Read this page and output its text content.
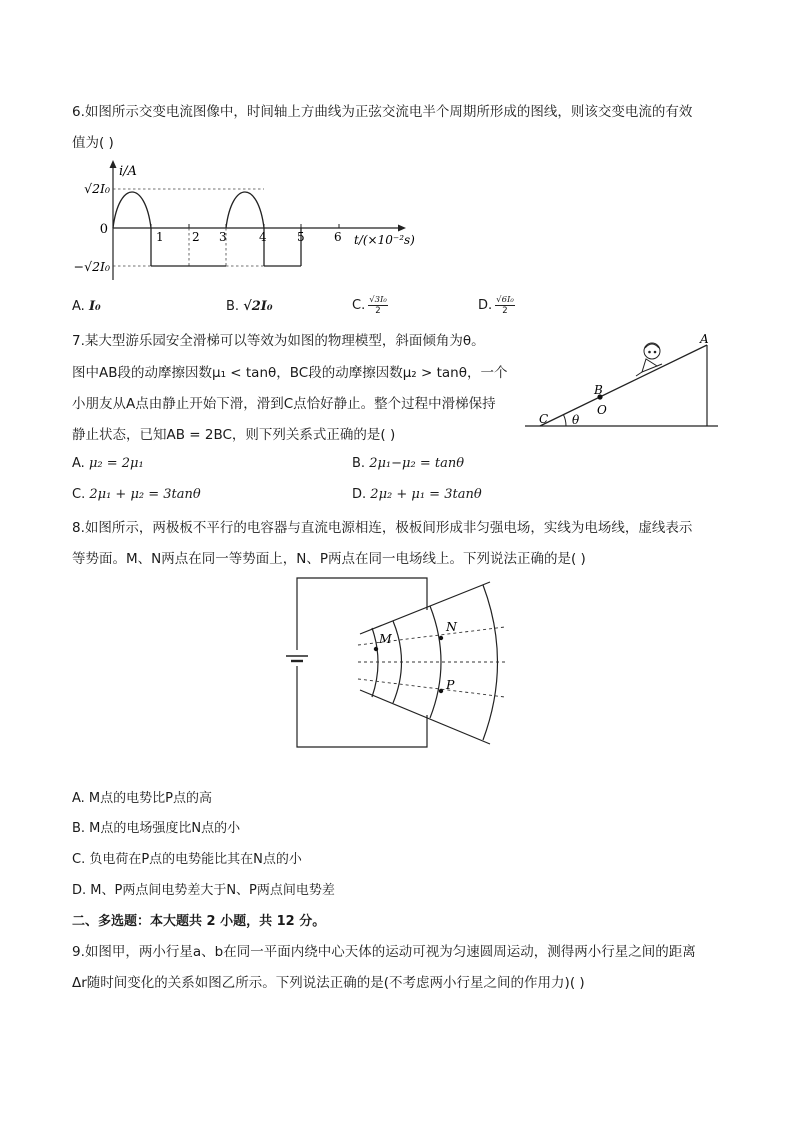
6.如图所示交变电流图像中，时间轴上方曲线为正弦交流电半个周期所形成的图线，则该交变电流的有效
值为( )
i/A
√2I₀
0
−√2I₀
1 2 3	4	5 6 t/(×10⁻²s)
A. I₀	B. √2I₀	C. √3I₀
2	D. √6I₀
2
7.某大型游乐园安全滑梯可以等效为如图的物理模型，斜面倾角为θ。
图中AB段的动摩擦因数μ₁ < tanθ，BC段的动摩擦因数μ₂ > tanθ，一个
小朋友从A点由静止开始下滑，滑到C点恰好静止。整个过程中滑梯保持
静止状态，已知AB = 2BC，则下列关系式正确的是( )
A
B
O
C θ
A. μ₂ = 2μ₁	B. 2μ₁−μ₂ = tanθ
C. 2μ₁ + μ₂ = 3tanθ	D. 2μ₂ + μ₁ = 3tanθ
8.如图所示，两极板不平行的电容器与直流电源相连，极板间形成非匀强电场，实线为电场线，虚线表示
等势面。M、N两点在同一等势面上，N、P两点在同一电场线上。下列说法正确的是( )
M
N
P
A. M点的电势比P点的高
B. M点的电场强度比N点的小
C. 负电荷在P点的电势能比其在N点的小
D. M、P两点间电势差大于N、P两点间电势差
二、多选题：本大题共 2 小题，共 12 分。
9.如图甲，两小行星a、b在同一平面内绕中心天体的运动可视为匀速圆周运动，测得两小行星之间的距离
Δr随时间变化的关系如图乙所示。下列说法正确的是(不考虑两小行星之间的作用力)( )
